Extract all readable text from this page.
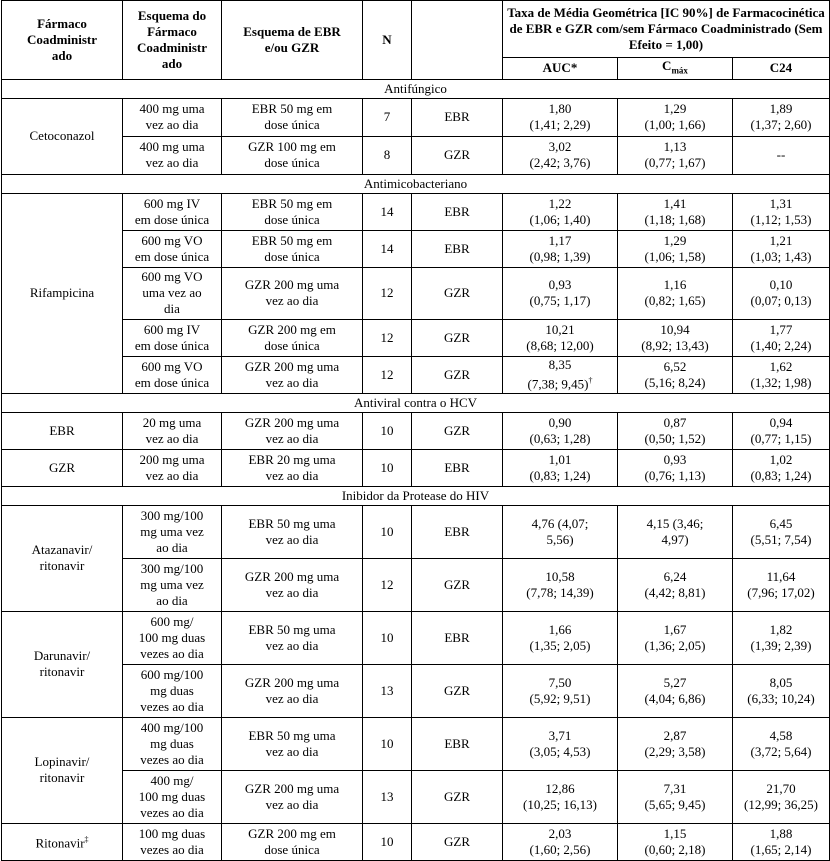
Fármaco
Coadministr
ado	Esquema do
Fármaco
Coadministr
ado	Esquema de EBR
e/ou GZR	N		Taxa de Média Geométrica [IC 90%] de Farmacocinética
de EBR e GZR com/sem Fármaco Coadministrado (Sem
Efeito = 1,00)		
					AUC*	$C_{máx}$	C24
Antifúngico							
Cetoconazol	400 mg uma
vez ao dia	EBR 50 mg em
dose única	7	EBR	1,80
(1,41; 2,29)	1,29
(1,00; 1,66)	1,89
(1,37; 2,60)
	400 mg uma
vez ao dia	GZR 100 mg em
dose única	8	GZR	3,02
(2,42; 3,76)	1,13
(0,77; 1,67)	--
Antimicobacteriano							
Rifampicina	600 mg IV
em dose única	EBR 50 mg em
dose única	14	EBR	1,22
(1,06; 1,40)	1,41
(1,18; 1,68)	1,31
(1,12; 1,53)
	600 mg VO
em dose única	EBR 50 mg em
dose única	14	EBR	1,17
(0,98; 1,39)	1,29
(1,06; 1,58)	1,21
(1,03; 1,43)
	600 mg VO
uma vez ao
dia	GZR 200 mg uma
vez ao dia	12	GZR	0,93
(0,75; 1,17)	1,16
(0,82; 1,65)	0,10
(0,07; 0,13)
	600 mg IV
em dose única	GZR 200 mg em
dose única	12	GZR	10,21
(8,68; 12,00)	10,94
(8,92; 13,43)	1,77
(1,40; 2,24)
	600 mg VO
em dose única	GZR 200 mg uma
vez ao dia	12	GZR	8,35
(7,38; 9,45)†	6,52
(5,16; 8,24)	1,62
(1,32; 1,98)
Antiviral contra o HCV							
EBR	20 mg uma
vez ao dia	GZR 200 mg uma
vez ao dia	10	GZR	0,90
(0,63; 1,28)	0,87
(0,50; 1,52)	0,94
(0,77; 1,15)
GZR	200 mg uma
vez ao dia	EBR 20 mg uma
vez ao dia	10	EBR	1,01
(0,83; 1,24)	0,93
(0,76; 1,13)	1,02
(0,83; 1,24)
Inibidor da Protease do HIV							
Atazanavir/
ritonavir	300 mg/100
mg uma vez
ao dia	EBR 50 mg uma
vez ao dia	10	EBR	4,76 (4,07;
5,56)	4,15 (3,46;
4,97)	6,45
(5,51; 7,54)
	300 mg/100
mg uma vez
ao dia	GZR 200 mg uma
vez ao dia	12	GZR	10,58
(7,78; 14,39)	6,24
(4,42; 8,81)	11,64
(7,96; 17,02)
Darunavir/
ritonavir	600 mg/
100 mg duas
vezes ao dia	EBR 50 mg uma
vez ao dia	10	EBR	1,66
(1,35; 2,05)	1,67
(1,36; 2,05)	1,82
(1,39; 2,39)
	600 mg/100
mg duas
vezes ao dia	GZR 200 mg uma
vez ao dia	13	GZR	7,50
(5,92; 9,51)	5,27
(4,04; 6,86)	8,05
(6,33; 10,24)
Lopinavir/
ritonavir	400 mg/100
mg duas
vezes ao dia	EBR 50 mg uma
vez ao dia	10	EBR	3,71
(3,05; 4,53)	2,87
(2,29; 3,58)	4,58
(3,72; 5,64)
	400 mg/
100 mg duas
vezes ao dia	GZR 200 mg uma
vez ao dia	13	GZR	12,86
(10,25; 16,13)	7,31
(5,65; 9,45)	21,70
(12,99; 36,25)
Ritonavir‡	100 mg duas
vezes ao dia	GZR 200 mg em
dose única	10	GZR	2,03
(1,60; 2,56)	1,15
(0,60; 2,18)	1,88
(1,65; 2,14)
